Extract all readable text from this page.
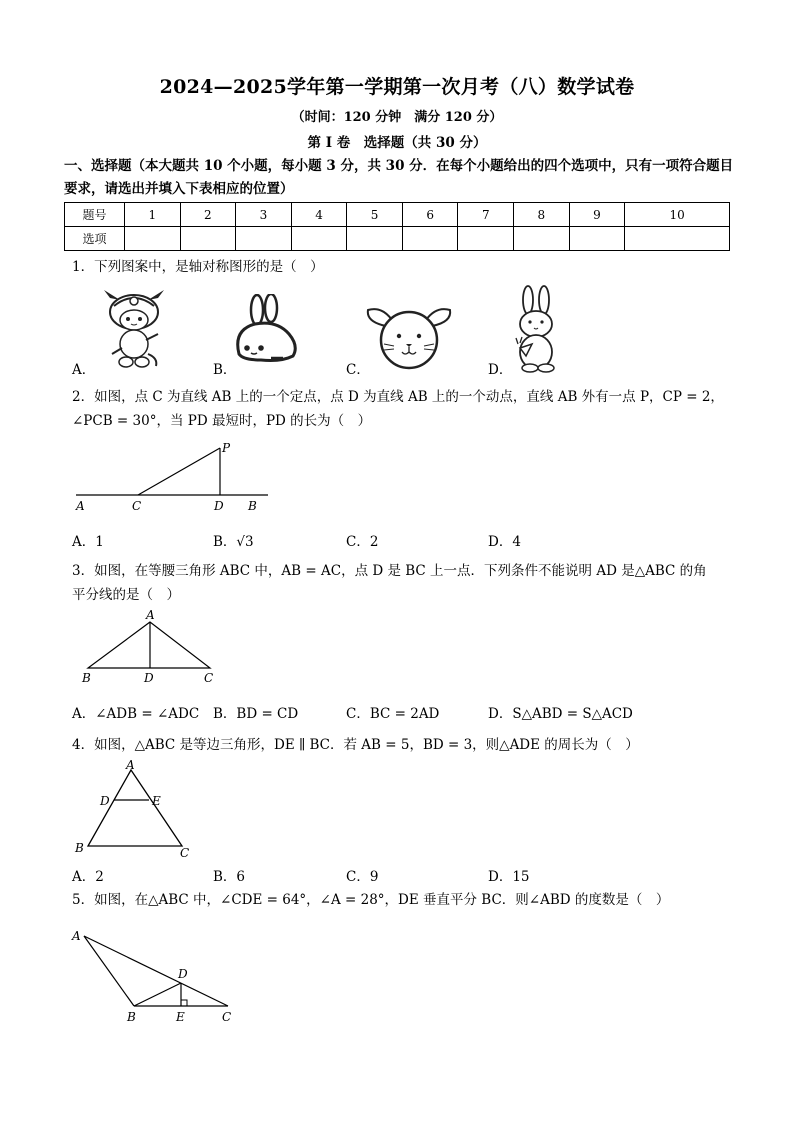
2024—2025学年第一学期第一次月考（八）数学试卷
（时间：120 分钟　满分 120 分）
第 I 卷　选择题（共 30 分）
一、选择题（本大题共 10 个小题，每小题 3 分，共 30 分．在每个小题给出的四个选项中，只有一项符合题目要求，请选出并填入下表相应的位置）
题号	1	2	3	4	5	6	7	8	9	10
选项										
1．下列图案中，是轴对称图形的是（　）
A．	B．	C．	D．
2．如图，点 C 为直线 AB 上的一个定点，点 D 为直线 AB 上的一个动点，直线 AB 外有一点 P，CP = 2，
∠PCB = 30°，当 PD 最短时，PD 的长为（　）
A	C	D B
P
A．1	B．√3	C．2	D．4
3．如图，在等腰三角形 ABC 中，AB = AC，点 D 是 BC 上一点．下列条件不能说明 AD 是△ABC 的角
平分线的是（　）
A
B	D	C
A．∠ADB = ∠ADC B．BD = CD	C．BC = 2AD	D．S△ABD = S△ACD
4．如图，△ABC 是等边三角形，DE ∥ BC．若 AB = 5，BD = 3，则△ADE 的周长为（　）
A
D	E
B	C
A．2	B．6	C．9	D．15
5．如图，在△ABC 中，∠CDE = 64°，∠A = 28°，DE 垂直平分 BC．则∠ABD 的度数是（　）
A
D
B	E	C
